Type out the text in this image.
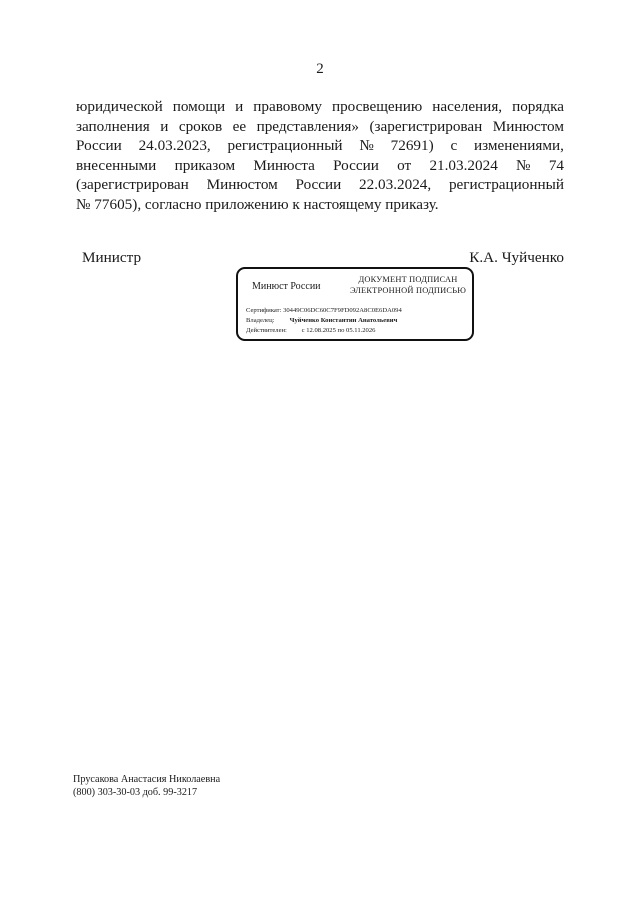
2
юридической помощи и правовому просвещению населения, порядка
заполнения и сроков ее представления» (зарегистрирован Минюстом
России 24.03.2023, регистрационный № 72691) с изменениями,
внесенными приказом Минюста России от 21.03.2024 № 74
(зарегистрирован Минюстом России 22.03.2024, регистрационный
№ 77605), согласно приложению к настоящему приказу.
Министр	К.А. Чуйченко
Минюст России
ДОКУМЕНТ ПОДПИСАН
ЭЛЕКТРОННОЙ ПОДПИСЬЮ
Сертификат: 30449C06DC60C7F9FD092A8C0E6DA094
Владелец: Чуйченко Константин Анатольевич
Действителен: с 12.08.2025 по 05.11.2026
Прусакова Анастасия Николаевна
(800) 303-30-03 доб. 99-3217
